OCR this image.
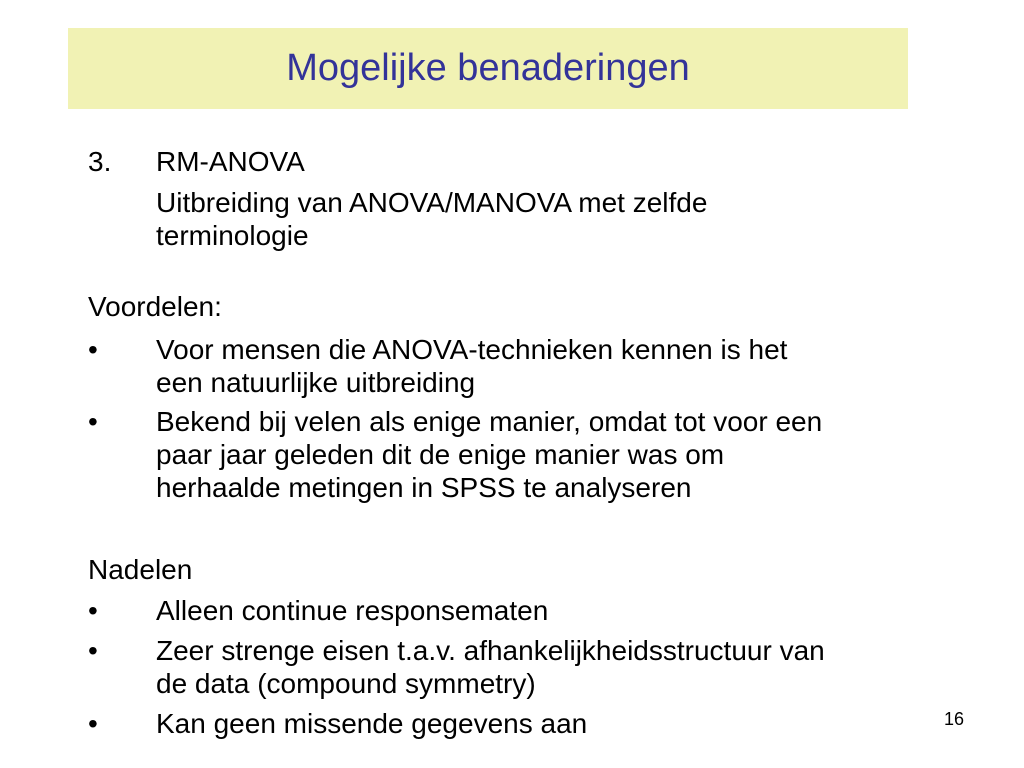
Mogelijke benaderingen
3. RM-ANOVA
Uitbreiding van ANOVA/MANOVA met zelfde
terminologie
Voordelen:
• Voor mensen die ANOVA-technieken kennen is het
een natuurlijke uitbreiding
• Bekend bij velen als enige manier, omdat tot voor een
paar jaar geleden dit de enige manier was om
herhaalde metingen in SPSS te analyseren
Nadelen
• Alleen continue responsematen
• Zeer strenge eisen t.a.v. afhankelijkheidsstructuur van
de data (compound symmetry)
• Kan geen missende gegevens aan	16
